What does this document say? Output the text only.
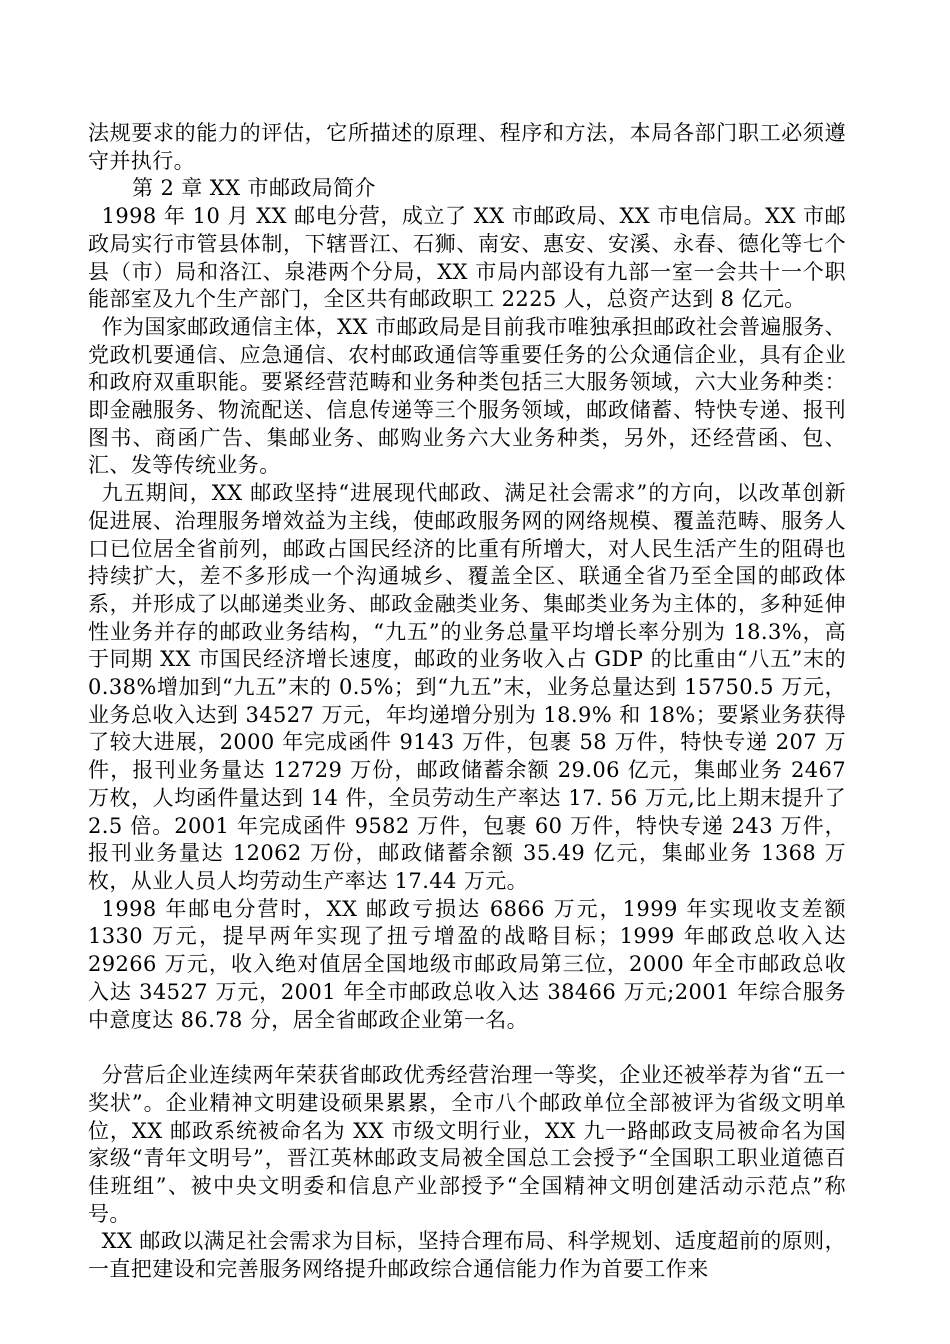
法规要求的能力的评估，它所描述的原理、程序和方法，本局各部门职工必须遵守并执行。

第 2 章 XX 市邮政局简介

1998 年 10 月 XX 邮电分营，成立了 XX 市邮政局、XX 市电信局。XX 市邮政局实行市管县体制，下辖晋江、石狮、南安、惠安、安溪、永春、德化等七个县（市）局和洛江、泉港两个分局，XX 市局内部设有九部一室一会共十一个职能部室及九个生产部门，全区共有邮政职工 2225 人，总资产达到 8 亿元。

作为国家邮政通信主体，XX 市邮政局是目前我市唯独承担邮政社会普遍服务、党政机要通信、应急通信、农村邮政通信等重要任务的公众通信企业，具有企业和政府双重职能。要紧经营范畴和业务种类包括三大服务领域，六大业务种类：即金融服务、物流配送、信息传递等三个服务领域，邮政储蓄、特快专递、报刊图书、商函广告、集邮业务、邮购业务六大业务种类，另外，还经营函、包、汇、发等传统业务。

九五期间，XX 邮政坚持“进展现代邮政、满足社会需求”的方向，以改革创新促进展、治理服务增效益为主线，使邮政服务网的网络规模、覆盖范畴、服务人口已位居全省前列，邮政占国民经济的比重有所增大，对人民生活产生的阻碍也持续扩大，差不多形成一个沟通城乡、覆盖全区、联通全省乃至全国的邮政体系，并形成了以邮递类业务、邮政金融类业务、集邮类业务为主体的，多种延伸性业务并存的邮政业务结构，“九五”的业务总量平均增长率分别为 18.3%，高于同期 XX 市国民经济增长速度，邮政的业务收入占 GDP 的比重由“八五”末的 0.38%增加到“九五”末的 0.5%；到“九五”末，业务总量达到 15750.5 万元，业务总收入达到 34527 万元，年均递增分别为 18.9% 和 18%；要紧业务获得了较大进展，2000 年完成函件 9143 万件，包裹 58 万件，特快专递 207 万件，报刊业务量达 12729 万份，邮政储蓄余额 29.06 亿元，集邮业务 2467 万枚，人均函件量达到 14 件，全员劳动生产率达 17. 56 万元,比上期末提升了 2.5 倍。2001 年完成函件 9582 万件，包裹 60 万件，特快专递 243 万件，报刊业务量达 12062 万份，邮政储蓄余额 35.49 亿元，集邮业务 1368 万枚，从业人员人均劳动生产率达 17.44 万元。

1998 年邮电分营时，XX 邮政亏损达 6866 万元，1999 年实现收支差额 1330 万元，提早两年实现了扭亏增盈的战略目标；1999 年邮政总收入达 29266 万元，收入绝对值居全国地级市邮政局第三位，2000 年全市邮政总收入达 34527 万元，2001 年全市邮政总收入达 38466 万元;2001 年综合服务中意度达 86.78 分，居全省邮政企业第一名。

分营后企业连续两年荣获省邮政优秀经营治理一等奖，企业还被举荐为省“五一奖状”。企业精神文明建设硕果累累，全市八个邮政单位全部被评为省级文明单位，XX 邮政系统被命名为 XX 市级文明行业，XX 九一路邮政支局被命名为国家级“青年文明号”，晋江英林邮政支局被全国总工会授予“全国职工职业道德百佳班组”、被中央文明委和信息产业部授予“全国精神文明创建活动示范点”称号。

XX 邮政以满足社会需求为目标，坚持合理布局、科学规划、适度超前的原则，一直把建设和完善服务网络提升邮政综合通信能力作为首要工作来
